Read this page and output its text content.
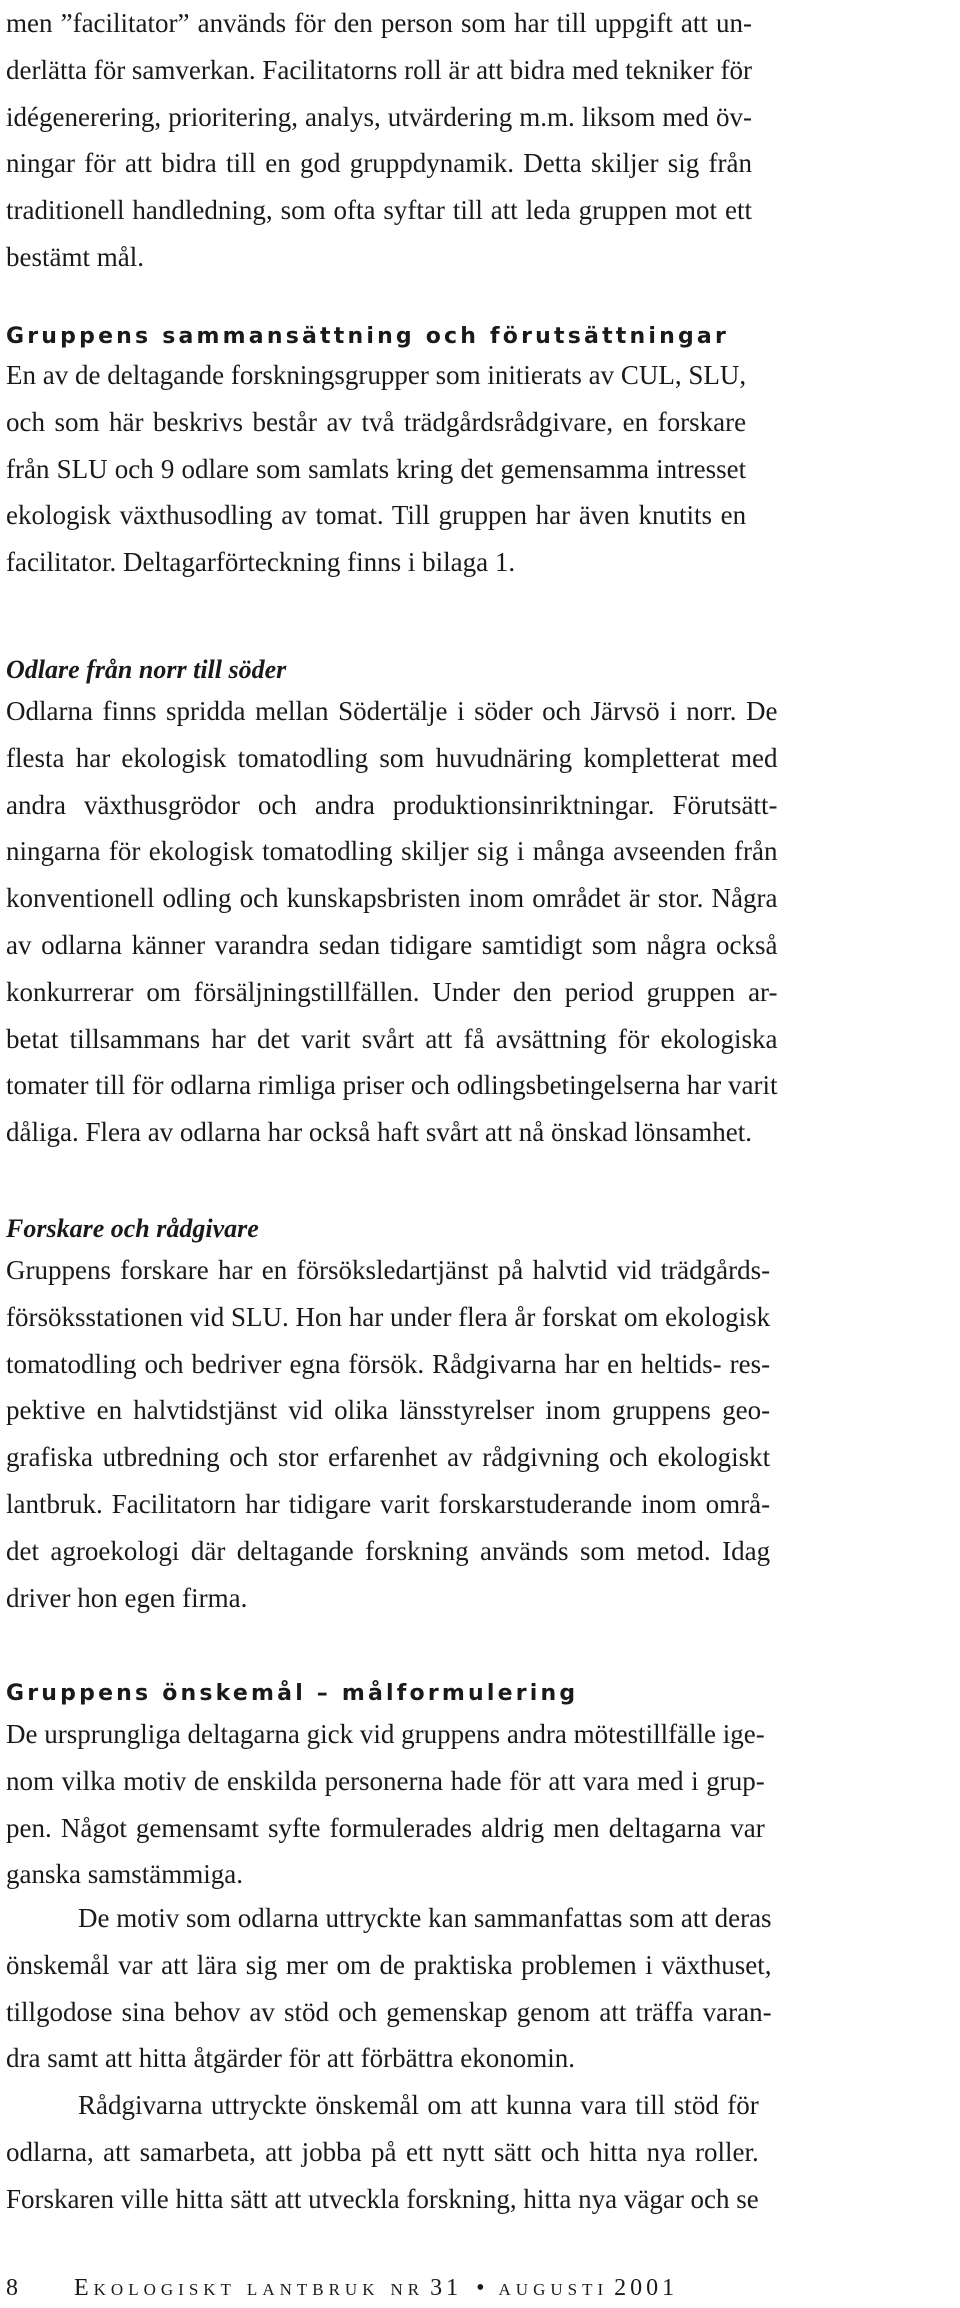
men ”facilitator” används för den person som har till uppgift att un-
derlätta för samverkan. Facilitatorns roll är att bidra med tekniker för
idégenerering, prioritering, analys, utvärdering m.m. liksom med öv-
ningar för att bidra till en god gruppdynamik. Detta skiljer sig från
traditionell handledning, som ofta syftar till att leda gruppen mot ett
bestämt mål.
Gruppens sammansättning och förutsättningar
En av de deltagande forskningsgrupper som initierats av CUL, SLU,
och som här beskrivs består av två trädgårdsrådgivare, en forskare
från SLU och 9 odlare som samlats kring det gemensamma intresset
ekologisk växthusodling av tomat. Till gruppen har även knutits en
facilitator. Deltagarförteckning finns i bilaga 1.
Odlare från norr till söder
Odlarna finns spridda mellan Södertälje i söder och Järvsö i norr. De
flesta har ekologisk tomatodling som huvudnäring kompletterat med
andra växthusgrödor och andra produktionsinriktningar. Förutsätt-
ningarna för ekologisk tomatodling skiljer sig i många avseenden från
konventionell odling och kunskapsbristen inom området är stor. Några
av odlarna känner varandra sedan tidigare samtidigt som några också
konkurrerar om försäljningstillfällen. Under den period gruppen ar-
betat tillsammans har det varit svårt att få avsättning för ekologiska
tomater till för odlarna rimliga priser och odlingsbetingelserna har varit
dåliga. Flera av odlarna har också haft svårt att nå önskad lönsamhet.
Forskare och rådgivare
Gruppens forskare har en försöksledartjänst på halvtid vid trädgårds-
försöksstationen vid SLU. Hon har under flera år forskat om ekologisk
tomatodling och bedriver egna försök. Rådgivarna har en heltids- res-
pektive en halvtidstjänst vid olika länsstyrelser inom gruppens geo-
grafiska utbredning och stor erfarenhet av rådgivning och ekologiskt
lantbruk. Facilitatorn har tidigare varit forskarstuderande inom områ-
det agroekologi där deltagande forskning används som metod. Idag
driver hon egen firma.
Gruppens önskemål – målformulering
De ursprungliga deltagarna gick vid gruppens andra mötestillfälle ige-
nom vilka motiv de enskilda personerna hade för att vara med i grup-
pen. Något gemensamt syfte formulerades aldrig men deltagarna var
ganska samstämmiga.
De motiv som odlarna uttryckte kan sammanfattas som att deras
önskemål var att lära sig mer om de praktiska problemen i växthuset,
tillgodose sina behov av stöd och gemenskap genom att träffa varan-
dra samt att hitta åtgärder för att förbättra ekonomin.
Rådgivarna uttryckte önskemål om att kunna vara till stöd för
odlarna, att samarbeta, att jobba på ett nytt sätt och hitta nya roller.
Forskaren ville hitta sätt att utveckla forskning, hitta nya vägar och se
8 Ekologiskt lantbruk nr 31 • augusti 2001
